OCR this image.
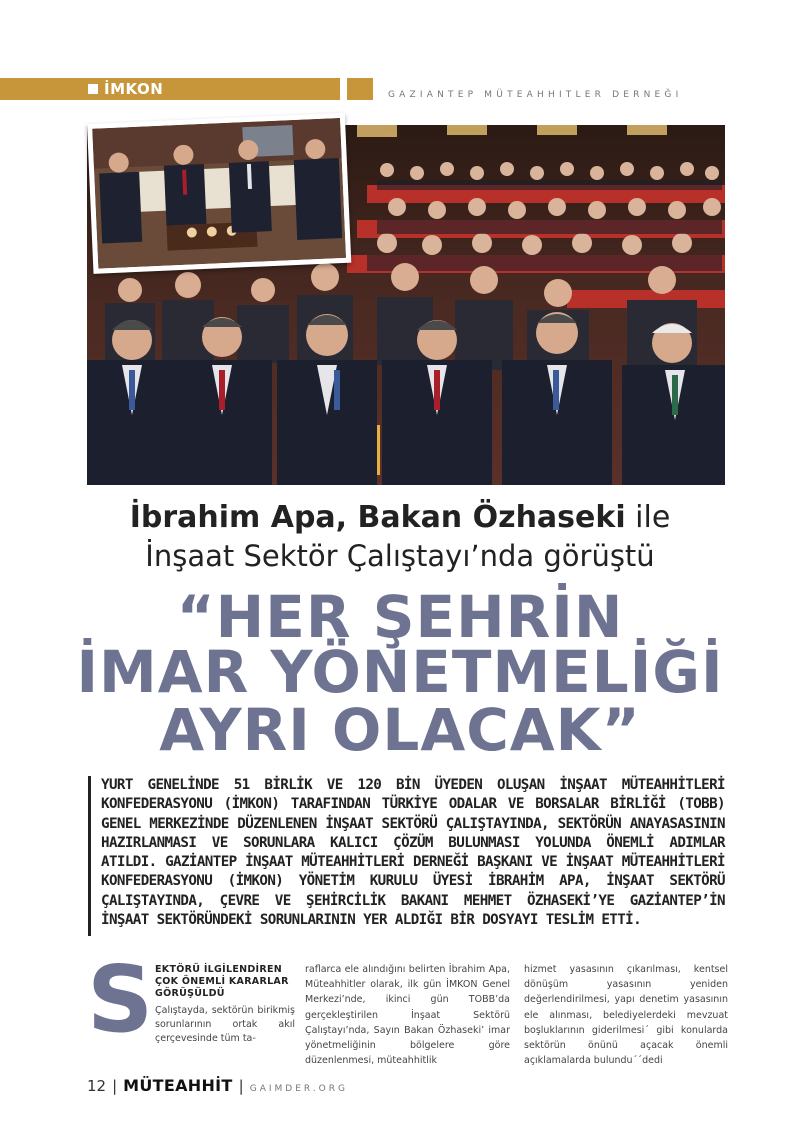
İMKON	GAZIANTEP MÜTEAHHITLER DERNEĞI
İbrahim Apa, Bakan Özhaseki ile
İnşaat Sektör Çalıştayı’nda görüştü
“HER ŞEHRİN
İMAR YÖNETMELİĞİ
AYRI OLACAK”
YURT GENELİNDE 51 BİRLİK VE 120 BİN ÜYEDEN OLUŞAN İNŞAAT MÜTEAHHİTLERİ KONFEDERASYONU (İMKON) TARAFINDAN TÜRKİYE ODALAR VE BORSALAR BİRLİĞİ (TOBB) GENEL MERKEZİNDE DÜZENLENEN İNŞAAT SEKTÖRÜ ÇALIŞTAYINDA, SEKTÖRÜN ANAYASASININ HAZIRLANMASI VE SORUNLARA KALICI ÇÖZÜM BULUNMASI YOLUNDA ÖNEMLİ ADIMLAR ATILDI. GAZİANTEP İNŞAAT MÜTEAHHİTLERİ DERNEĞİ BAŞKANI VE İNŞAAT MÜTEAHHİTLERİ KONFEDERASYONU (İMKON) YÖNETİM KURULU ÜYESİ İBRAHİM APA, İNŞAAT SEKTÖRÜ ÇALIŞTAYINDA, ÇEVRE VE ŞEHİRCİLİK BAKANI MEHMET ÖZHASEKİ’YE GAZİANTEP’İN İNŞAAT SEKTÖRÜNDEKİ SORUNLARININ YER ALDIĞI BİR DOSYAYI TESLİM ETTİ.
S EKTÖRÜ İLGİLENDİREN ÇOK ÖNEMLİ KARARLAR GÖRÜŞÜLDÜ
Çalıştayda, sektörün birikmiş sorunlarının ortak akıl çerçevesinde tüm ta-
raflarca ele alındığını belirten İbrahim Apa, Müteahhitler olarak, ilk gün İMKON Genel Merkezi’nde, ikinci gün TOBB’da gerçekleştirilen İnşaat Sektörü Çalıştayı’nda, Sayın Bakan Özhaseki’ imar yönetmeliğinin bölgelere göre düzenlenmesi, müteahhitlik
hizmet yasasının çıkarılması, kentsel dönüşüm yasasının yeniden değerlendirilmesi, yapı denetim yasasının ele alınması, belediyelerdeki mevzuat boşluklarının giderilmesi´ gibi konularda sektörün önünü açacak önemli açıklamalarda bulundu´´dedi
12 | MÜTEAHHİT | GAIMDER.ORG
